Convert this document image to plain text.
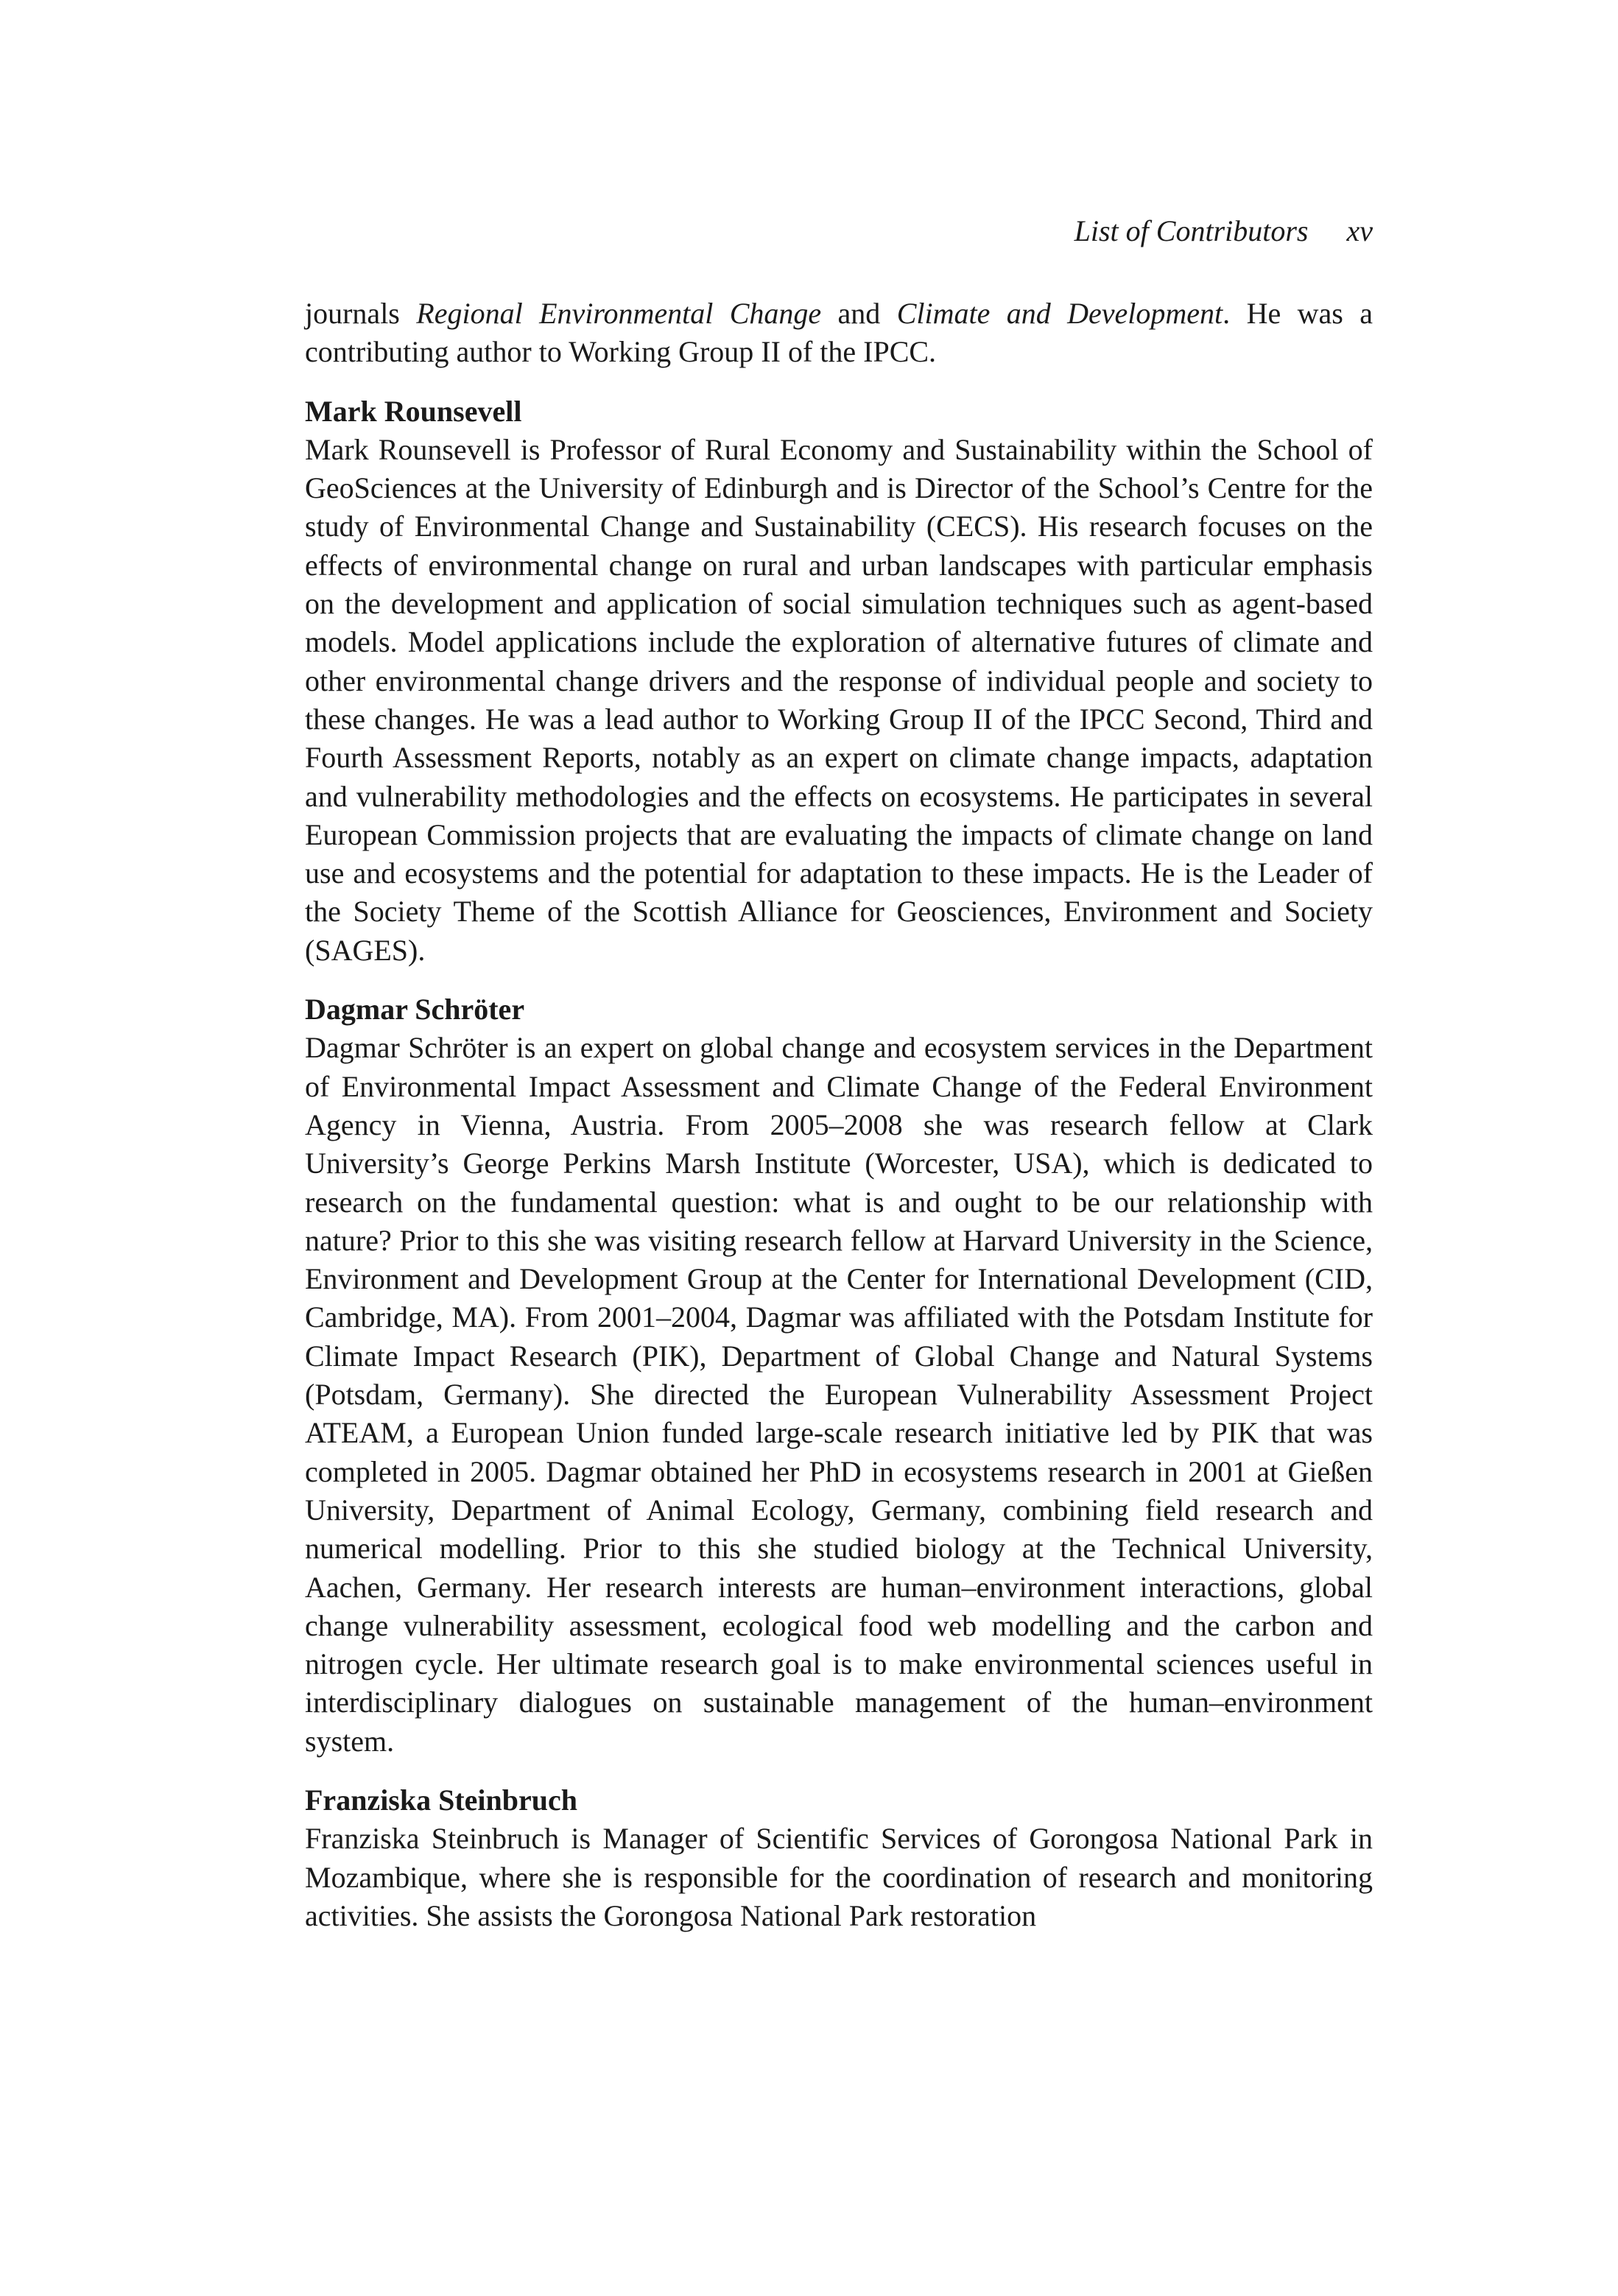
List of Contributors xv

journals Regional Environmental Change and Climate and Development. He was a contributing author to Working Group II of the IPCC.

Mark Rounsevell

Mark Rounsevell is Professor of Rural Economy and Sustainability within the School of GeoSciences at the University of Edinburgh and is Director of the School’s Centre for the study of Environmental Change and Sustainability (CECS). His research focuses on the effects of environmental change on rural and urban landscapes with particular emphasis on the development and application of social simulation techniques such as agent-based models. Model applications include the exploration of alternative futures of climate and other environmental change drivers and the response of individual people and society to these changes. He was a lead author to Working Group II of the IPCC Second, Third and Fourth Assessment Reports, notably as an expert on climate change impacts, adaptation and vulnerability methodologies and the effects on ecosystems. He participates in several European Commission projects that are evaluating the impacts of climate change on land use and ecosystems and the potential for adaptation to these impacts. He is the Leader of the Society Theme of the Scottish Alliance for Geosciences, Environment and Society (SAGES).

Dagmar Schröter

Dagmar Schröter is an expert on global change and ecosystem services in the Department of Environmental Impact Assessment and Climate Change of the Federal Environment Agency in Vienna, Austria. From 2005–2008 she was research fellow at Clark University’s George Perkins Marsh Institute (Worcester, USA), which is dedicated to research on the fundamental question: what is and ought to be our relationship with nature? Prior to this she was visiting research fellow at Harvard University in the Science, Environment and Development Group at the Center for International Development (CID, Cambridge, MA). From 2001–2004, Dagmar was affiliated with the Potsdam Institute for Climate Impact Research (PIK), Department of Global Change and Natural Systems (Potsdam, Germany). She directed the European Vulnerability Assessment Project ATEAM, a European Union funded large-scale research initiative led by PIK that was completed in 2005. Dagmar obtained her PhD in ecosystems research in 2001 at Gießen University, Department of Animal Ecology, Germany, combining field research and numerical modelling. Prior to this she studied biology at the Technical University, Aachen, Germany. Her research interests are human–environment interactions, global change vulnerability assessment, ecological food web modelling and the carbon and nitrogen cycle. Her ultimate research goal is to make environmental sciences useful in interdisciplinary dialogues on sustainable management of the human–environment system.

Franziska Steinbruch

Franziska Steinbruch is Manager of Scientific Services of Gorongosa National Park in Mozambique, where she is responsible for the coordination of research and monitoring activities. She assists the Gorongosa National Park restoration
